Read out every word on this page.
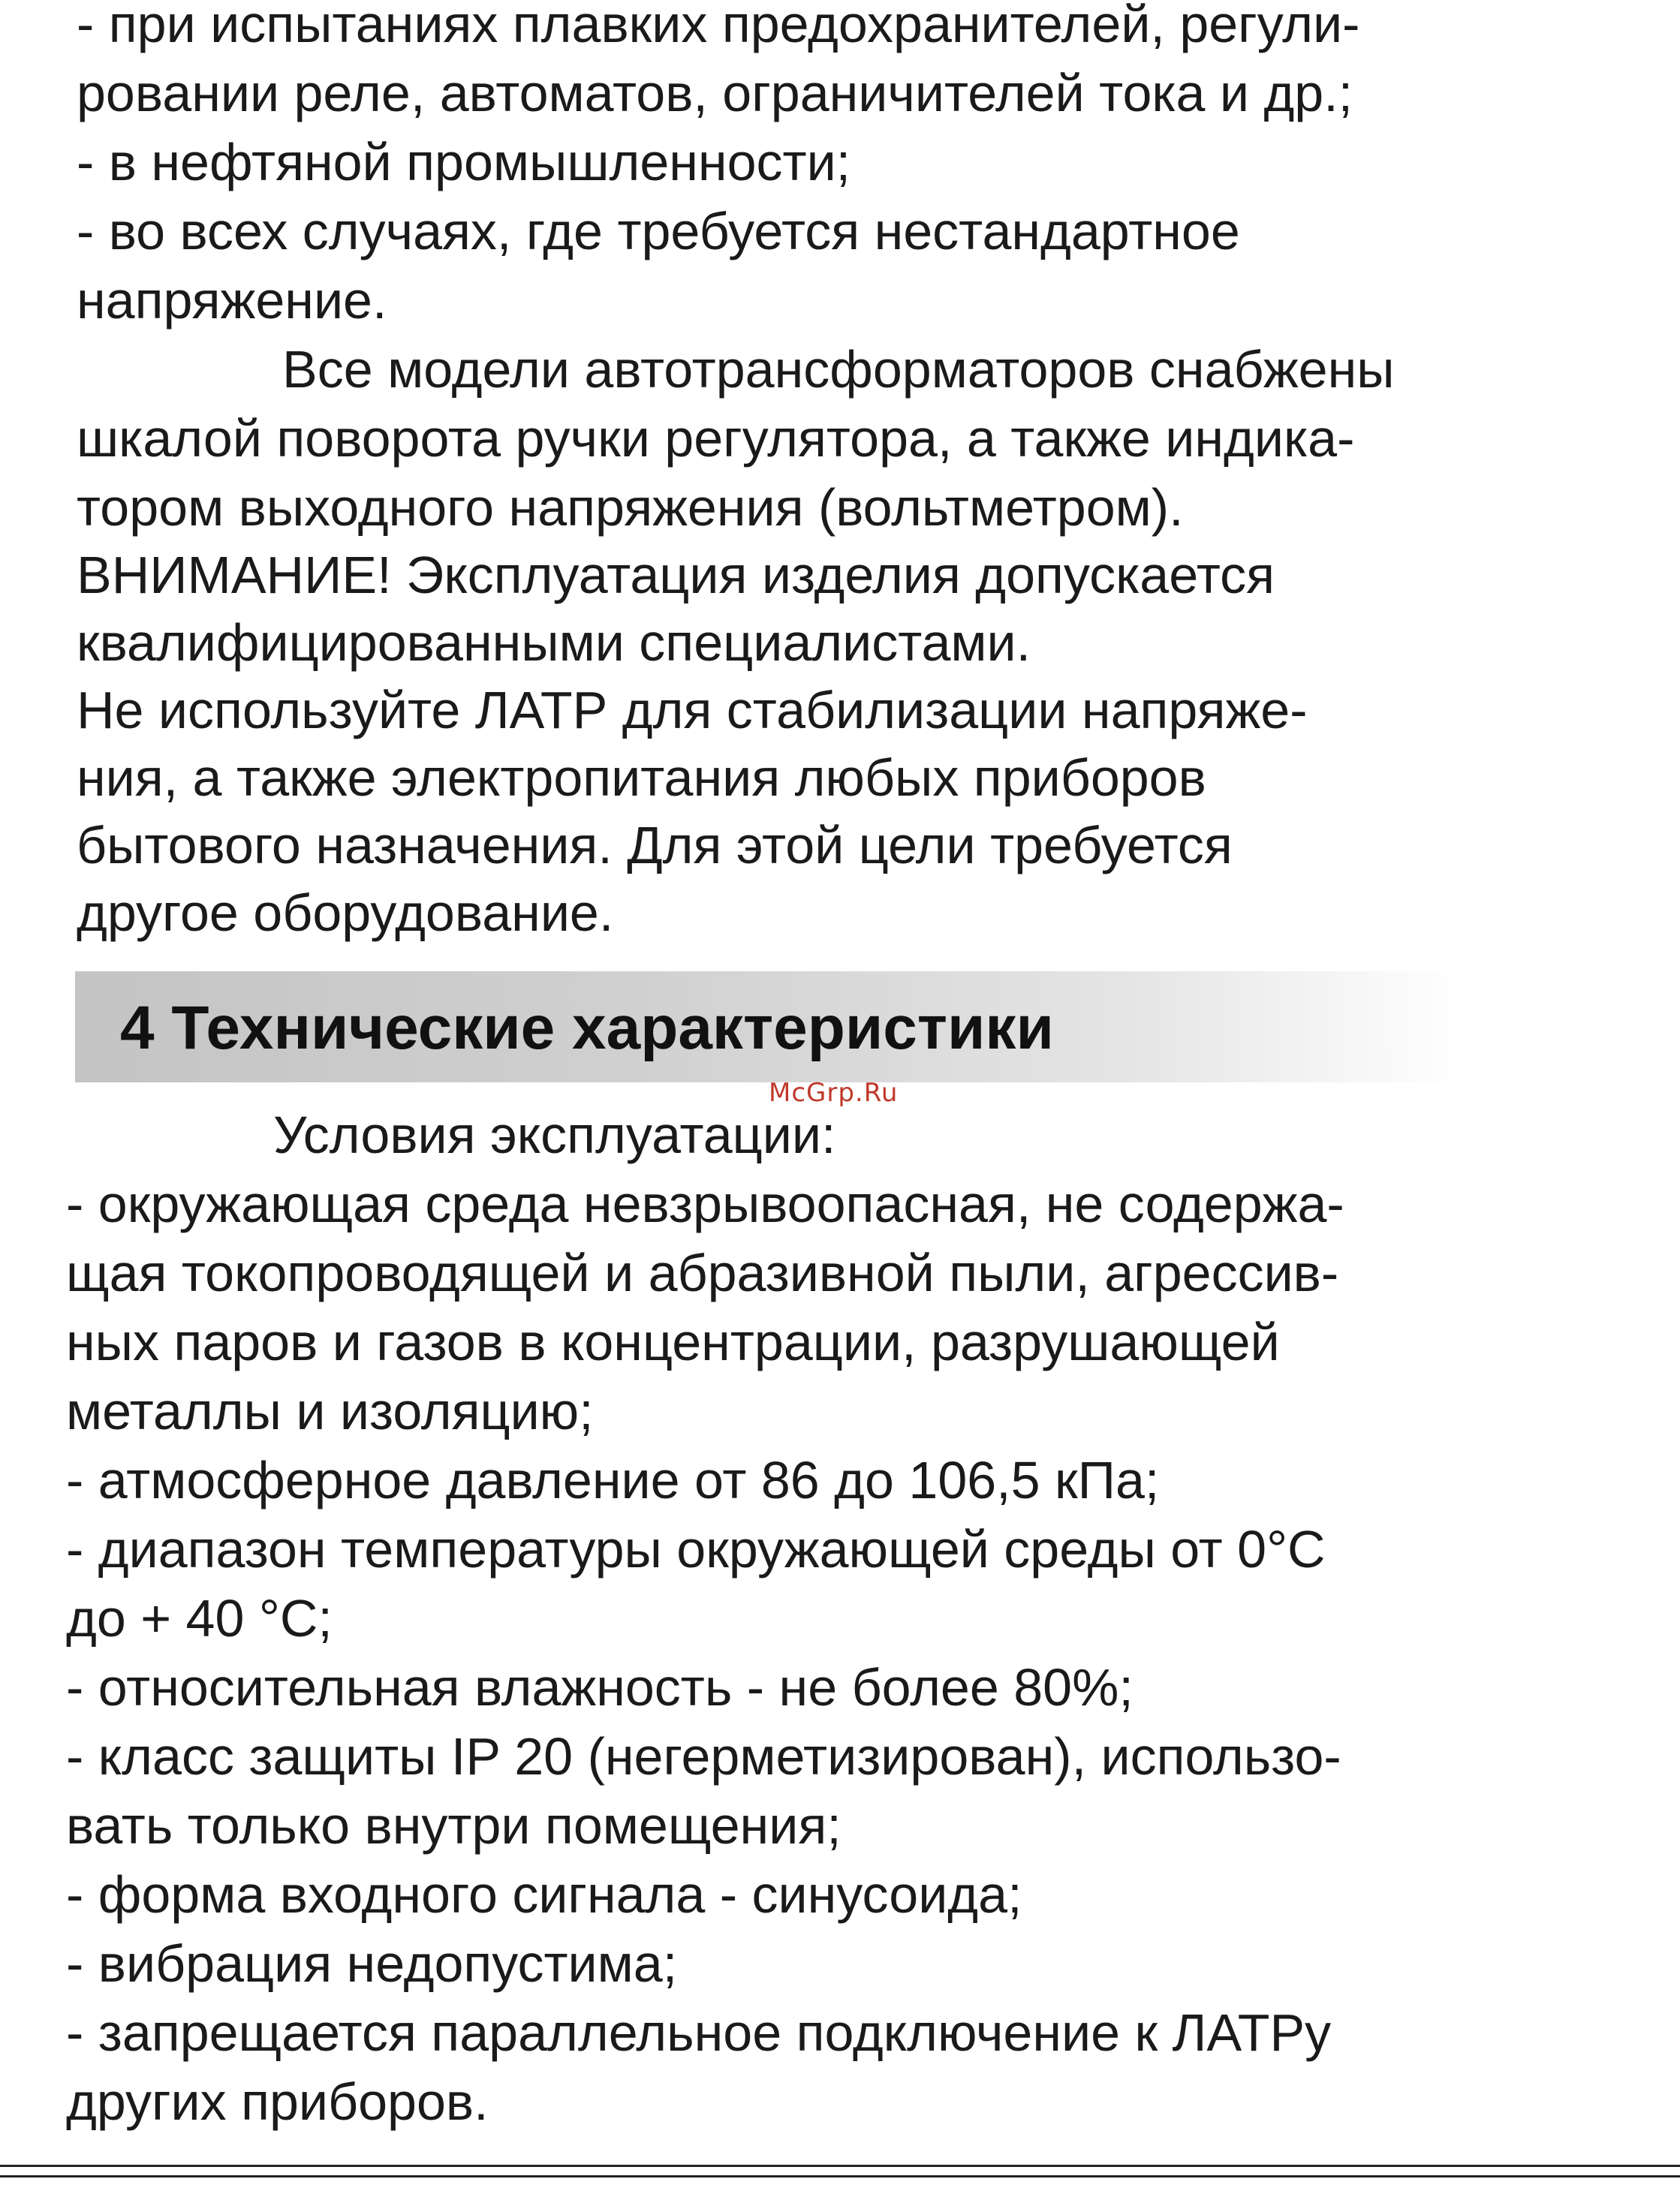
- при испытаниях плавких предохранителей, регули-
ровании реле, автоматов, ограничителей тока и др.;
- в нефтяной промышленности;
- во всех случаях, где требуется нестандартное
напряжение.
Все модели автотрансформаторов снабжены
шкалой поворота ручки регулятора, а также индика-
тором выходного напряжения (вольтметром).
ВНИМАНИЕ! Эксплуатация изделия допускается
квалифицированными специалистами.
Не используйте ЛАТР для стабилизации напряже-
ния, а также электропитания любых приборов
бытового назначения. Для этой цели требуется
другое оборудование.
4 Технические характеристики
McGrp.Ru
Условия эксплуатации:
- окружающая среда невзрывоопасная, не содержа-
щая токопроводящей и абразивной пыли, агрессив-
ных паров и газов в концентрации, разрушающей
металлы и изоляцию;
- атмосферное давление от 86 до 106,5 кПа;
- диапазон температуры окружающей среды от 0°С
до + 40 °С;
- относительная влажность - не более 80%;
- класс защиты IP 20 (негерметизирован), использо-
вать только внутри помещения;
- форма входного сигнала - синусоида;
- вибрация недопустима;
- запрещается параллельное подключение к ЛАТРу
других приборов.
